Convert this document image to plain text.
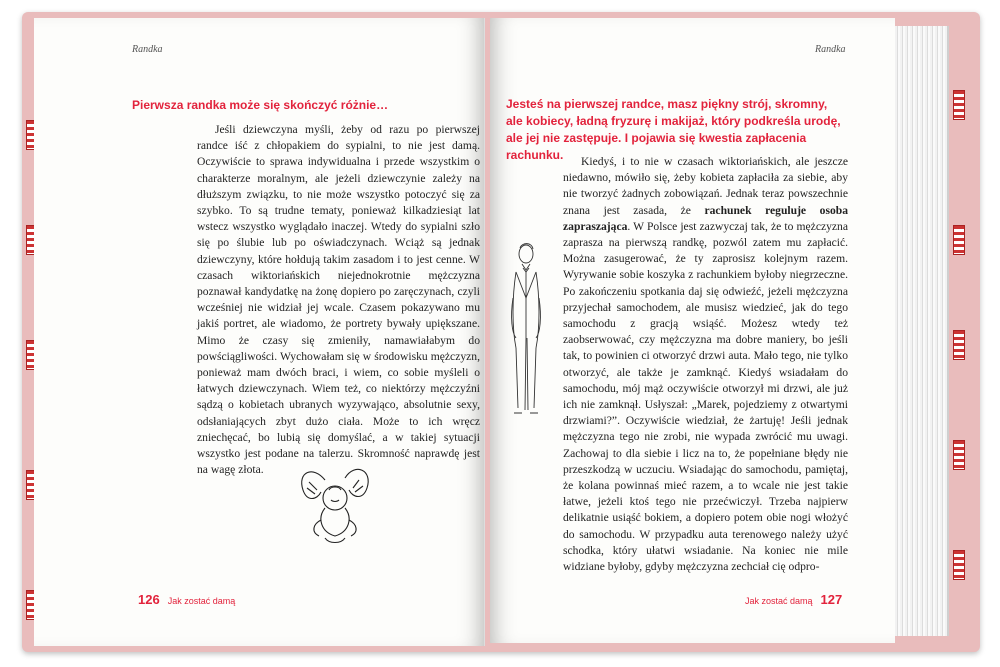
Randka
Pierwsza randka może się skończyć różnie…

Jeśli dziewczyna myśli, żeby od razu po pierwszej randce iść z chłopakiem do sypialni, to nie jest damą. Oczywiście to sprawa indywidualna i przede wszystkim o charakterze moralnym, ale jeżeli dziewczynie zależy na dłuższym związku, to nie może wszystko potoczyć się za szybko. To są trudne tematy, ponieważ kilkadziesiąt lat wstecz wszystko wyglądało inaczej. Wtedy do sypialni szło się po ślubie lub po oświadczynach. Wciąż są jednak dziewczyny, które hołdują takim zasadom i to jest cenne. W czasach wiktoriańskich niejednokrotnie mężczyzna poznawał kandydatkę na żonę dopiero po zaręczynach, czyli wcześniej nie widział jej wcale. Czasem pokazywano mu jakiś portret, ale wiadomo, że portrety bywały upiększane. Mimo że czasy się zmieniły, namawiałabym do powściągliwości. Wychowałam się w środowisku mężczyzn, ponieważ mam dwóch braci, i wiem, co sobie myśleli o łatwych dziewczynach. Wiem też, co niektórzy mężczyźni sądzą o kobietach ubranych wyzywająco, absolutnie sexy, odsłaniających zbyt dużo ciała. Może to ich wręcz zniechęcać, bo lubią się domyślać, a w takiej sytuacji wszystko jest podane na talerzu. Skromność naprawdę jest na wagę złota.

126 Jak zostać damą
Randka
Jesteś na pierwszej randce, masz piękny strój, skromny, ale kobiecy, ładną fryzurę i makijaż, który podkreśla urodę, ale jej nie zastępuje. I pojawia się kwestia zapłacenia rachunku.	Kiedyś, i to nie w czasach wiktoriańskich, ale jeszcze niedawno, mówiło się, żeby kobieta zapłaciła za siebie, aby nie tworzyć żadnych zobowiązań. Jednak teraz powszechnie znana jest zasada, że rachunek reguluje osoba zapraszająca. W Polsce jest zazwyczaj tak, że to mężczyzna zaprasza na pierwszą randkę, pozwól zatem mu zapłacić. Można zasugerować, że ty zaprosisz kolejnym razem. Wyrywanie sobie koszyka z rachunkiem byłoby niegrzeczne. Po zakończeniu spotkania daj się odwieźć, jeżeli mężczyzna przyjechał samochodem, ale musisz wiedzieć, jak do tego samochodu z gracją wsiąść. Możesz wtedy też zaobserwować, czy mężczyzna ma dobre maniery, bo jeśli tak, to powinien ci otworzyć drzwi auta. Mało tego, nie tylko otworzyć, ale także je zamknąć. Kiedyś wsiadałam do samochodu, mój mąż oczywiście otworzył mi drzwi, ale już ich nie zamknął. Usłyszał: „Marek, pojedziemy z otwartymi drzwiami?”. Oczywiście wiedział, że żartuję! Jeśli jednak mężczyzna tego nie zrobi, nie wypada zwrócić mu uwagi. Zachowaj to dla siebie i licz na to, że popełniane błędy nie przeszkodzą w uczuciu. Wsiadając do samochodu, pamiętaj, że kolana powinnaś mieć razem, a to wcale nie jest takie łatwe, jeżeli ktoś tego nie przećwiczył. Trzeba najpierw delikatnie usiąść bokiem, a dopiero potem obie nogi włożyć do samochodu. W przypadku auta terenowego należy użyć schodka, który ułatwi wsiadanie. Na koniec nie mile widziane byłoby, gdyby mężczyzna zechciał cię odpro-

Jak zostać damą 127
